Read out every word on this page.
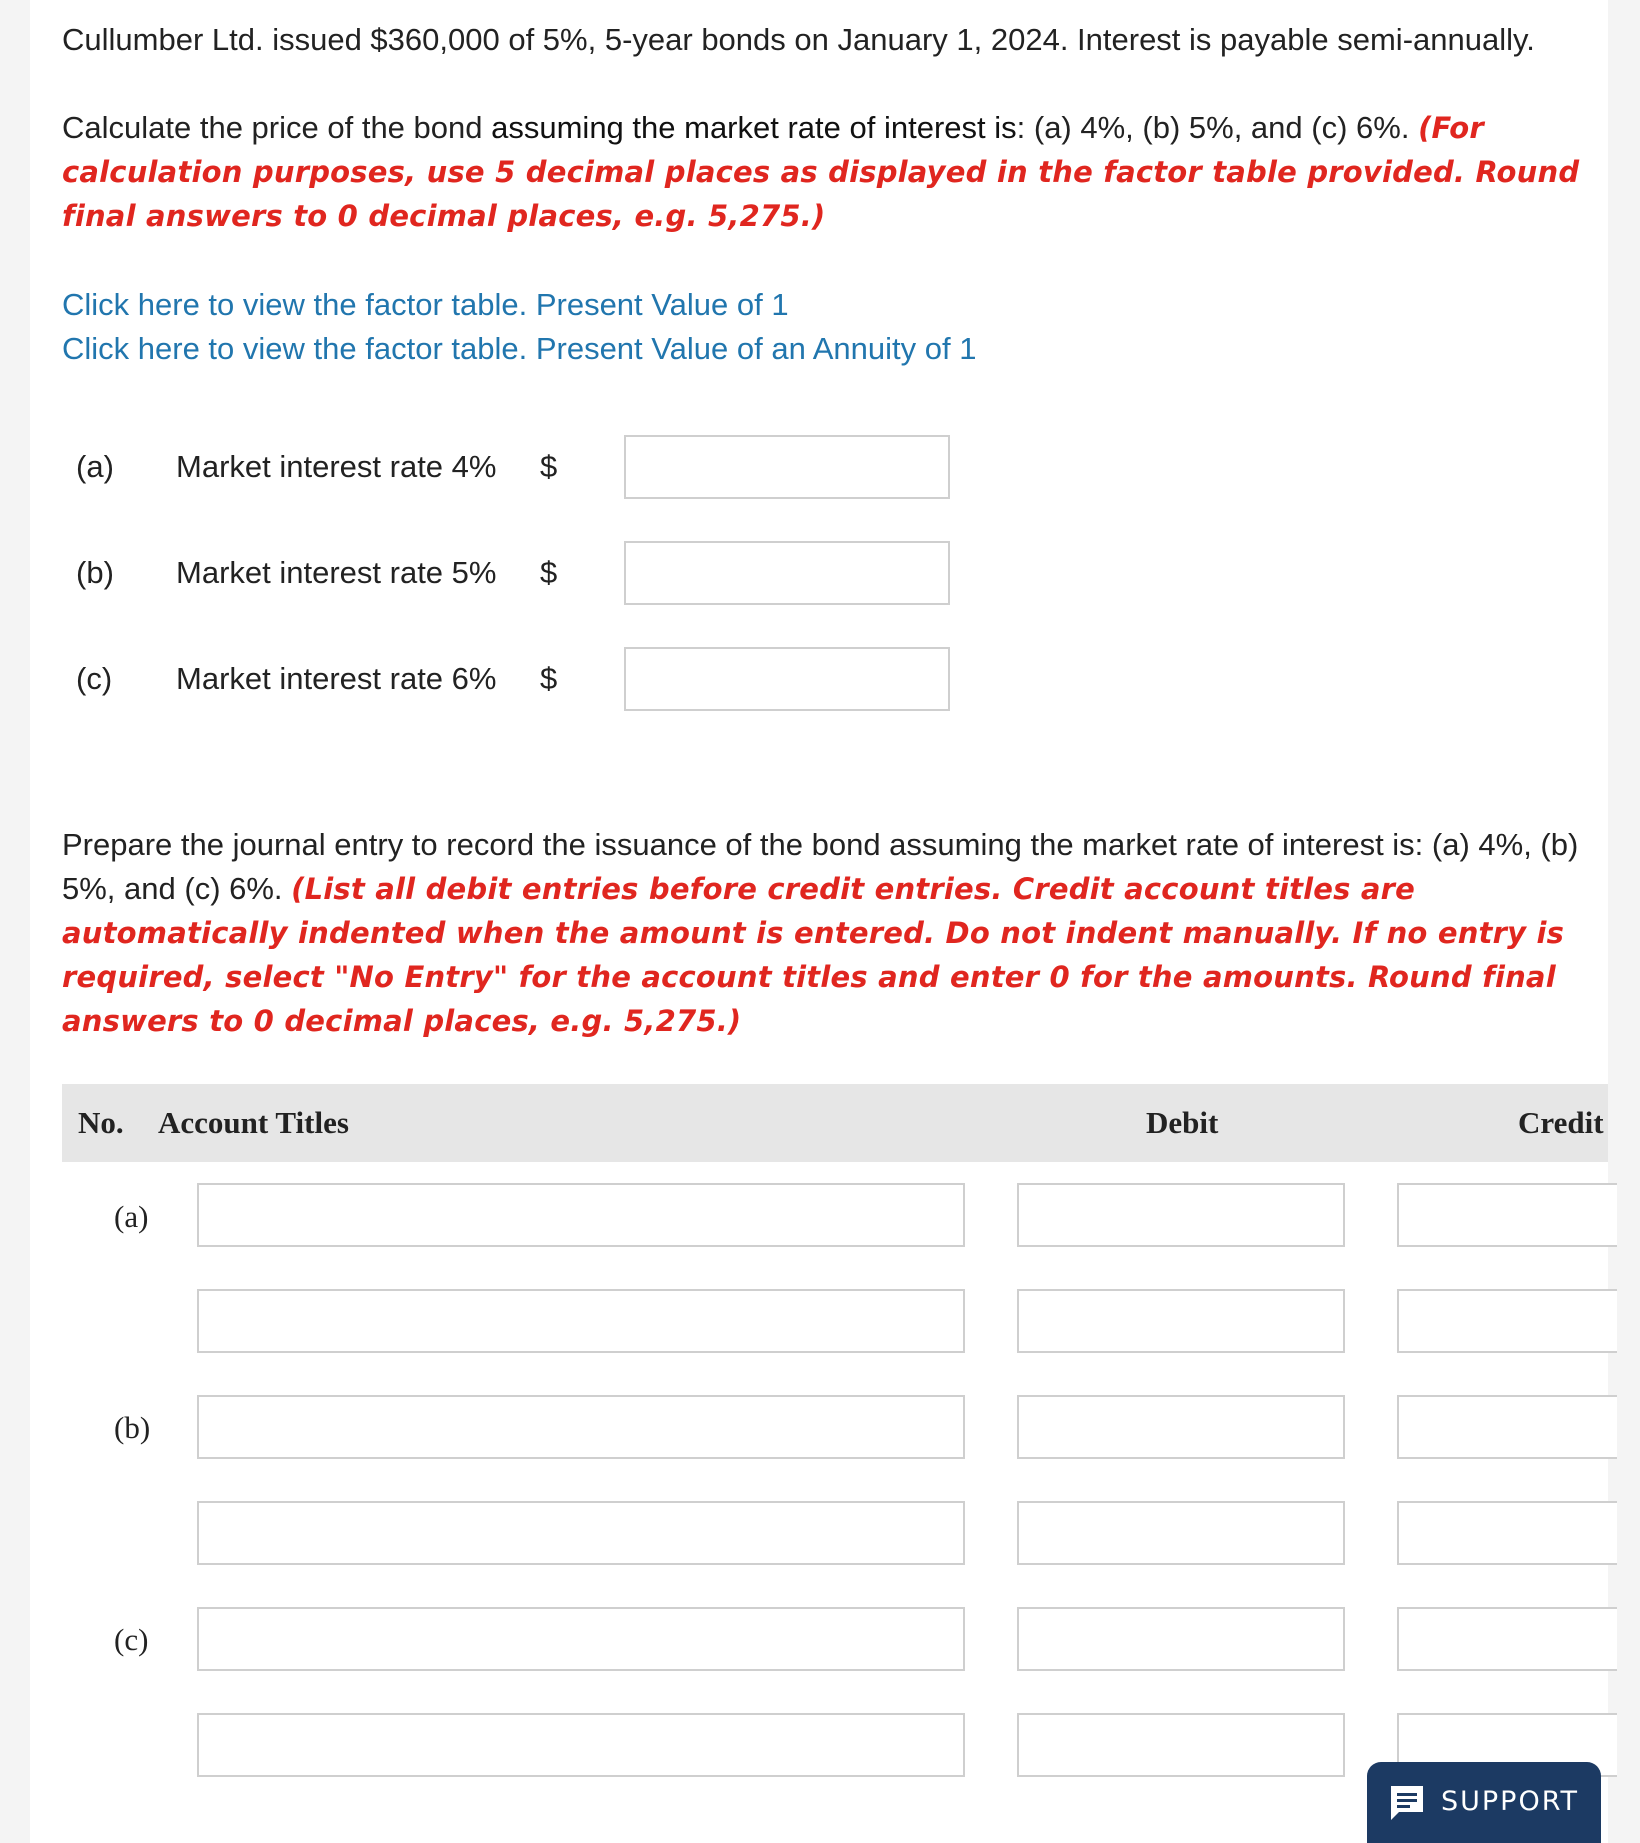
Cullumber Ltd. issued $360,000 of 5%, 5-year bonds on January 1, 2024. Interest is payable semi-annually.

Calculate the price of the bond assuming the market rate of interest is: (a) 4%, (b) 5%, and (c) 6%. (For calculation purposes, use 5 decimal places as displayed in the factor table provided. Round final answers to 0 decimal places, e.g. 5,275.)

Click here to view the factor table. Present Value of 1
Click here to view the factor table. Present Value of an Annuity of 1
(a) Market interest rate 4% $
(b) Market interest rate 5% $
(c) Market interest rate 6% $

Prepare the journal entry to record the issuance of the bond assuming the market rate of interest is: (a) 4%, (b) 5%, and (c) 6%. (List all debit entries before credit entries. Credit account titles are automatically indented when the amount is entered. Do not indent manually. If no entry is required, select "No Entry" for the account titles and enter 0 for the amounts. Round final answers to 0 decimal places, e.g. 5,275.)

No. Account Titles	Debit	Credit
(a)
(b)
(c)
SUPPORT
